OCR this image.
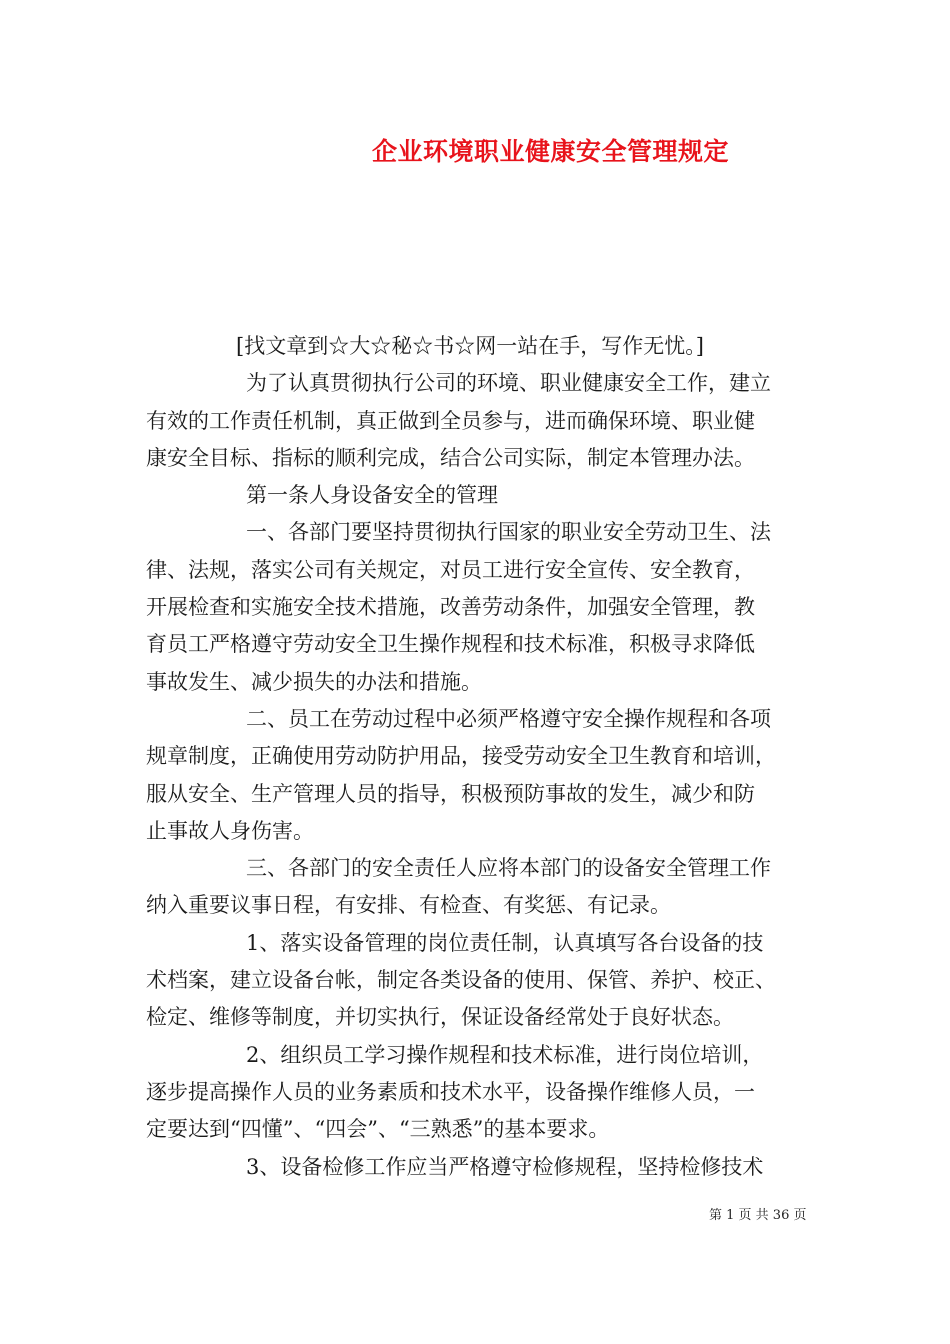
企业环境职业健康安全管理规定
[找文章到☆大☆秘☆书☆网一站在手，写作无忧。]
为了认真贯彻执行公司的环境、职业健康安全工作，建立
有效的工作责任机制，真正做到全员参与，进而确保环境、职业健
康安全目标、指标的顺利完成，结合公司实际，制定本管理办法。
第一条人身设备安全的管理
一、各部门要坚持贯彻执行国家的职业安全劳动卫生、法
律、法规，落实公司有关规定，对员工进行安全宣传、安全教育，
开展检查和实施安全技术措施，改善劳动条件，加强安全管理，教
育员工严格遵守劳动安全卫生操作规程和技术标准，积极寻求降低
事故发生、减少损失的办法和措施。
二、员工在劳动过程中必须严格遵守安全操作规程和各项
规章制度，正确使用劳动防护用品，接受劳动安全卫生教育和培训，
服从安全、生产管理人员的指导，积极预防事故的发生，减少和防
止事故人身伤害。
三、各部门的安全责任人应将本部门的设备安全管理工作
纳入重要议事日程，有安排、有检查、有奖惩、有记录。
1、落实设备管理的岗位责任制，认真填写各台设备的技
术档案，建立设备台帐，制定各类设备的使用、保管、养护、校正、
检定、维修等制度，并切实执行，保证设备经常处于良好状态。
2、组织员工学习操作规程和技术标准，进行岗位培训，
逐步提高操作人员的业务素质和技术水平，设备操作维修人员，一
定要达到“四懂”、“四会”、“三熟悉”的基本要求。
3、设备检修工作应当严格遵守检修规程，坚持检修技术
第 1 页 共 36 页
